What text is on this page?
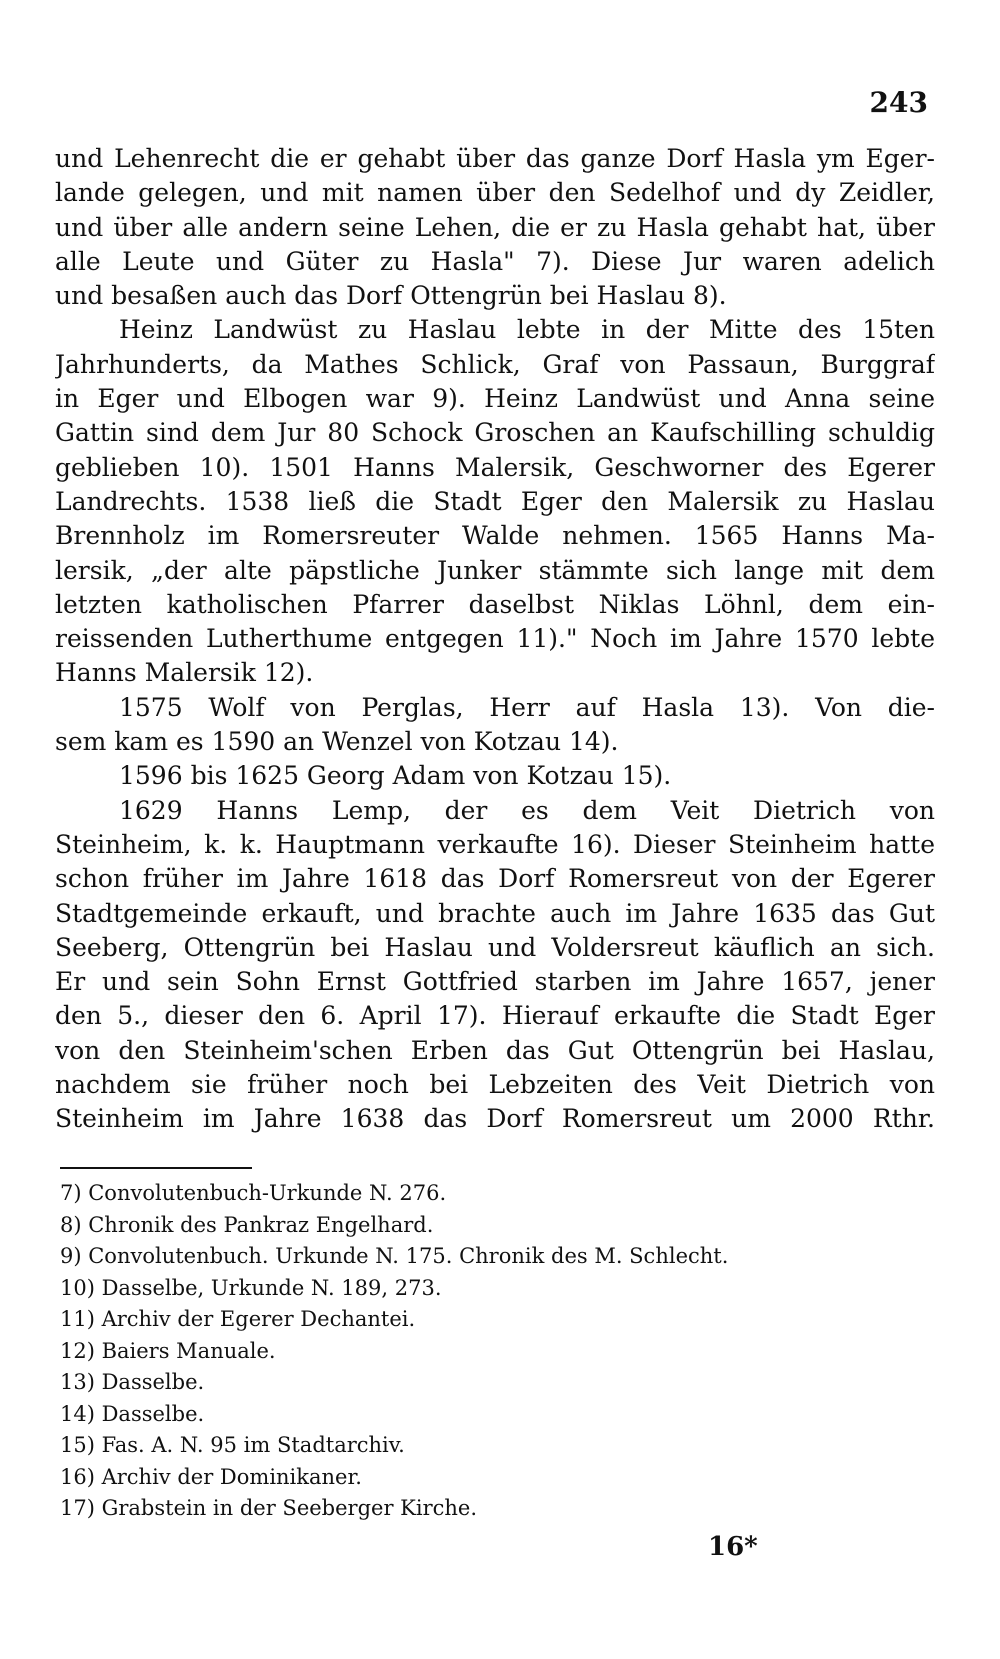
243
und Lehenrecht die er gehabt über das ganze Dorf Hasla ym Eger-
lande gelegen, und mit namen über den Sedelhof und dy Zeidler,
und über alle andern seine Lehen, die er zu Hasla gehabt hat, über
alle Leute und Güter zu Hasla" 7). Diese Jur waren adelich
und besaßen auch das Dorf Ottengrün bei Haslau 8).
Heinz Landwüst zu Haslau lebte in der Mitte des 15ten
Jahrhunderts, da Mathes Schlick, Graf von Passaun, Burggraf
in Eger und Elbogen war 9). Heinz Landwüst und Anna seine
Gattin sind dem Jur 80 Schock Groschen an Kaufschilling schuldig
geblieben 10). 1501 Hanns Malersik, Geschworner des Egerer
Landrechts. 1538 ließ die Stadt Eger den Malersik zu Haslau
Brennholz im Romersreuter Walde nehmen. 1565 Hanns Ma-
lersik, „der alte päpstliche Junker stämmte sich lange mit dem
letzten katholischen Pfarrer daselbst Niklas Löhnl, dem ein-
reissenden Lutherthume entgegen 11)." Noch im Jahre 1570 lebte
Hanns Malersik 12).
1575 Wolf von Perglas, Herr auf Hasla 13). Von die-
sem kam es 1590 an Wenzel von Kotzau 14).
1596 bis 1625 Georg Adam von Kotzau 15).
1629 Hanns Lemp, der es dem Veit Dietrich von
Steinheim, k. k. Hauptmann verkaufte 16). Dieser Steinheim hatte
schon früher im Jahre 1618 das Dorf Romersreut von der Egerer
Stadtgemeinde erkauft, und brachte auch im Jahre 1635 das Gut
Seeberg, Ottengrün bei Haslau und Voldersreut käuflich an sich.
Er und sein Sohn Ernst Gottfried starben im Jahre 1657, jener
den 5., dieser den 6. April 17). Hierauf erkaufte die Stadt Eger
von den Steinheim'schen Erben das Gut Ottengrün bei Haslau,
nachdem sie früher noch bei Lebzeiten des Veit Dietrich von
Steinheim im Jahre 1638 das Dorf Romersreut um 2000 Rthr.
7) Convolutenbuch-Urkunde N. 276.
8) Chronik des Pankraz Engelhard.
9) Convolutenbuch. Urkunde N. 175. Chronik des M. Schlecht.
10) Dasselbe, Urkunde N. 189, 273.
11) Archiv der Egerer Dechantei.
12) Baiers Manuale.
13) Dasselbe.
14) Dasselbe.
15) Fas. A. N. 95 im Stadtarchiv.
16) Archiv der Dominikaner.
17) Grabstein in der Seeberger Kirche.
16*
